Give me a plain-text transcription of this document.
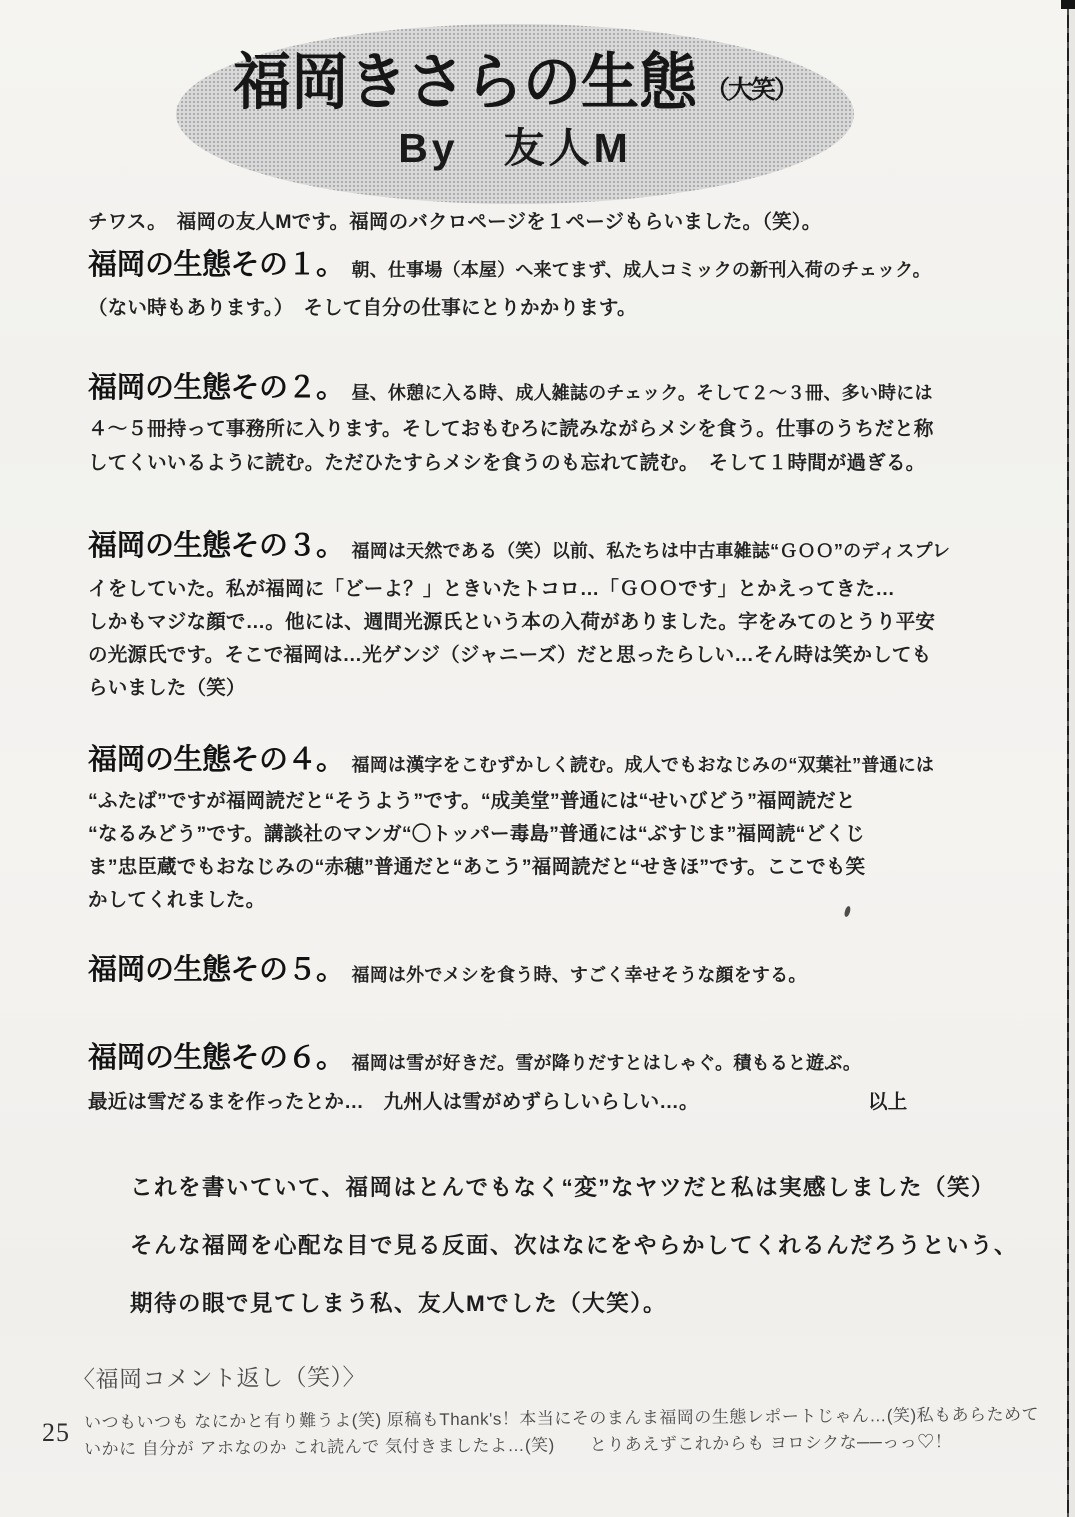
福岡きさらの生態 （大笑）
By　友人M
チワス。　福岡の友人Mです。福岡のバクロページを１ページもらいました。（笑）。
福岡の生態その１。 朝、仕事場（本屋）へ来てまず、成人コミックの新刊入荷のチェック。
（ない時もあります。）　そして自分の仕事にとりかかります。
福岡の生態その２。 昼、休憩に入る時、成人雑誌のチェック。そして２〜３冊、多い時には
４〜５冊持って事務所に入ります。そしておもむろに読みながらメシを食う。仕事のうちだと称
してくいいるように読む。ただひたすらメシを食うのも忘れて読む。　そして１時間が過ぎる。
福岡の生態その３。 福岡は天然である（笑）以前、私たちは中古車雑誌“ＧＯＯ”のディスプレ
イをしていた。私が福岡に「どーよ？」ときいたトコロ…「ＧＯＯです」とかえってきた…
しかもマジな顔で…。他には、週間光源氏という本の入荷がありました。字をみてのとうり平安
の光源氏です。そこで福岡は…光ゲンジ（ジャニーズ）だと思ったらしい…そん時は笑かしても
らいました（笑）
福岡の生態その４。 福岡は漢字をこむずかしく読む。成人でもおなじみの“双葉社”普通には
“ふたば”ですが福岡読だと“そうよう”です。“成美堂”普通には“せいびどう”福岡読だと
“なるみどう”です。講談社のマンガ“〇トッパー毒島”普通には“ぶすじま”福岡読“どくじ
ま”忠臣蔵でもおなじみの“赤穂”普通だと“あこう”福岡読だと“せきほ”です。ここでも笑
かしてくれました。
福岡の生態その５。 福岡は外でメシを食う時、すごく幸せそうな顔をする。
福岡の生態その６。 福岡は雪が好きだ。雪が降りだすとはしゃぐ。積もると遊ぶ。
最近は雪だるまを作ったとか…　九州人は雪がめずらしいらしい…。	以上
これを書いていて、福岡はとんでもなく“変”なヤツだと私は実感しました（笑）
そんな福岡を心配な目で見る反面、次はなにをやらかしてくれるんだろうという、
期待の眼で見てしまう私、友人Mでした（大笑）。
〈福岡コメント返し（笑）〉
いつもいつも なにかと有り難うよ(笑) 原稿もThank's！本当にそのまんま福岡の生態レポートじゃん…(笑)私もあらためて
いかに 自分が アホなのか これ読んで 気付きましたよ…(笑)　　とりあえずこれからも ヨロシクな──っっ♡！
25
